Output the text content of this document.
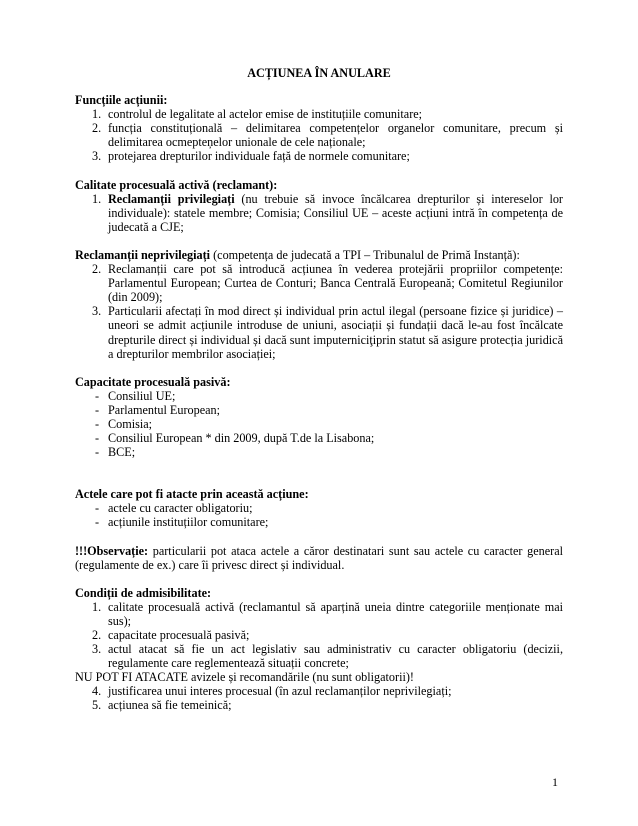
ACȚIUNEA ÎN ANULARE

Funcțiile acțiunii:

1. controlul de legalitate al actelor emise de instituțiile comunitare;
2. funcția constituțională – delimitarea competențelor organelor comunitare, precum și delimitarea ocmepteņelor unionale de cele naționale;
3. protejarea drepturilor individuale față de normele comunitare;

Calitate procesuală activă (reclamant):

1. Reclamanții privilegiați (nu trebuie să invoce încălcarea drepturilor și intereselor lor individuale): statele membre; Comisia; Consiliul UE – aceste acțiuni intră în competența de judecată a CJE;

Reclamanții neprivilegiați (competența de judecată a TPI – Tribunalul de Primă Instanță):

2. Reclamanții care pot să introducă acțiunea în vederea protejării propriilor competențe: Parlamentul European; Curtea de Conturi; Banca Centrală Europeană; Comitetul Regiunilor (din 2009);
3. Particularii afectați în mod direct și individual prin actul ilegal (persoane fizice și juridice) – uneori se admit acțiunile introduse de uniuni, asociații și fundații dacă le-au fost încălcate drepturile direct și individual și dacă sunt imputerniciţiprin statut să asigure protecția juridică a drepturilor membrilor asociației;

Capacitate procesuală pasivă:

- Consiliul UE;
- Parlamentul European;
- Comisia;
- Consiliul European * din 2009, după T.de la Lisabona;
- BCE;

Actele care pot fi atacte prin această acțiune:

- actele cu caracter obligatoriu;
- acțiunile instituțiilor comunitare;

!!!Observație: particularii pot ataca actele a căror destinatari sunt sau actele cu caracter general (regulamente de ex.) care îi privesc direct și individual.

Condiții de admisibilitate:

1. calitate procesuală activă (reclamantul să aparțină uneia dintre categoriile menționate mai sus);
2. capacitate procesuală pasivă;
3. actul atacat să fie un act legislativ sau administrativ cu caracter obligatoriu (decizii, regulamente care reglementează situații concrete;

NU POT FI ATACATE avizele și recomandările (nu sunt obligatorii)!

4. justificarea unui interes procesual (în azul reclamanților neprivilegiați;
5. acțiunea să fie temeinică;
1
